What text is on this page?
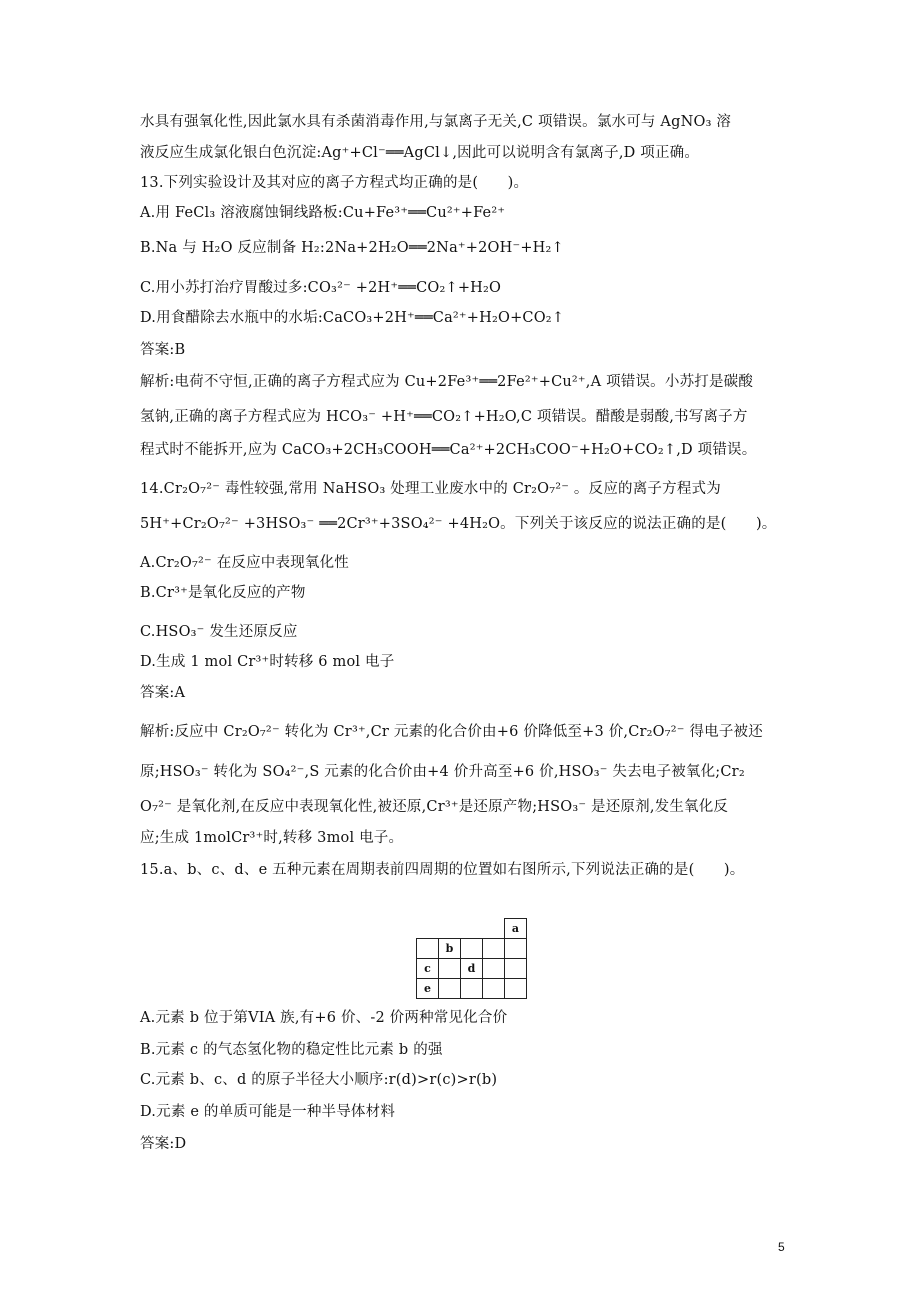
水具有强氧化性,因此氯水具有杀菌消毒作用,与氯离子无关,C 项错误。氯水可与 AgNO₃ 溶
液反应生成氯化银白色沉淀:Ag⁺+Cl⁻══AgCl↓,因此可以说明含有氯离子,D 项正确。
13.下列实验设计及其对应的离子方程式均正确的是(　　)。
A.用 FeCl₃ 溶液腐蚀铜线路板:Cu+Fe³⁺══Cu²⁺+Fe²⁺
B.Na 与 H₂O 反应制备 H₂:2Na+2H₂O══2Na⁺+2OH⁻+H₂↑
C.用小苏打治疗胃酸过多:CO₃²⁻ +2H⁺══CO₂↑+H₂O
D.用食醋除去水瓶中的水垢:CaCO₃+2H⁺══Ca²⁺+H₂O+CO₂↑
答案:B
解析:电荷不守恒,正确的离子方程式应为 Cu+2Fe³⁺══2Fe²⁺+Cu²⁺,A 项错误。小苏打是碳酸
氢钠,正确的离子方程式应为 HCO₃⁻ +H⁺══CO₂↑+H₂O,C 项错误。醋酸是弱酸,书写离子方
程式时不能拆开,应为 CaCO₃+2CH₃COOH══Ca²⁺+2CH₃COO⁻+H₂O+CO₂↑,D 项错误。
14.Cr₂O₇²⁻ 毒性较强,常用 NaHSO₃ 处理工业废水中的 Cr₂O₇²⁻ 。反应的离子方程式为
5H⁺+Cr₂O₇²⁻ +3HSO₃⁻ ══2Cr³⁺+3SO₄²⁻ +4H₂O。下列关于该反应的说法正确的是(　　)。
A.Cr₂O₇²⁻ 在反应中表现氧化性
B.Cr³⁺是氧化反应的产物
C.HSO₃⁻ 发生还原反应
D.生成 1 mol Cr³⁺时转移 6 mol 电子
答案:A
解析:反应中 Cr₂O₇²⁻ 转化为 Cr³⁺,Cr 元素的化合价由+6 价降低至+3 价,Cr₂O₇²⁻ 得电子被还
原;HSO₃⁻ 转化为 SO₄²⁻,S 元素的化合价由+4 价升高至+6 价,HSO₃⁻ 失去电子被氧化;Cr₂
O₇²⁻ 是氧化剂,在反应中表现氧化性,被还原,Cr³⁺是还原产物;HSO₃⁻ 是还原剂,发生氧化反
应;生成 1molCr³⁺时,转移 3mol 电子。
15.a、b、c、d、e 五种元素在周期表前四周期的位置如右图所示,下列说法正确的是(　　)。
				a
	b			
c		d		
e				
A.元素 b 位于第VIA 族,有+6 价、-2 价两种常见化合价
B.元素 c 的气态氢化物的稳定性比元素 b 的强
C.元素 b、c、d 的原子半径大小顺序:r(d)>r(c)>r(b)
D.元素 e 的单质可能是一种半导体材料
答案:D
5
